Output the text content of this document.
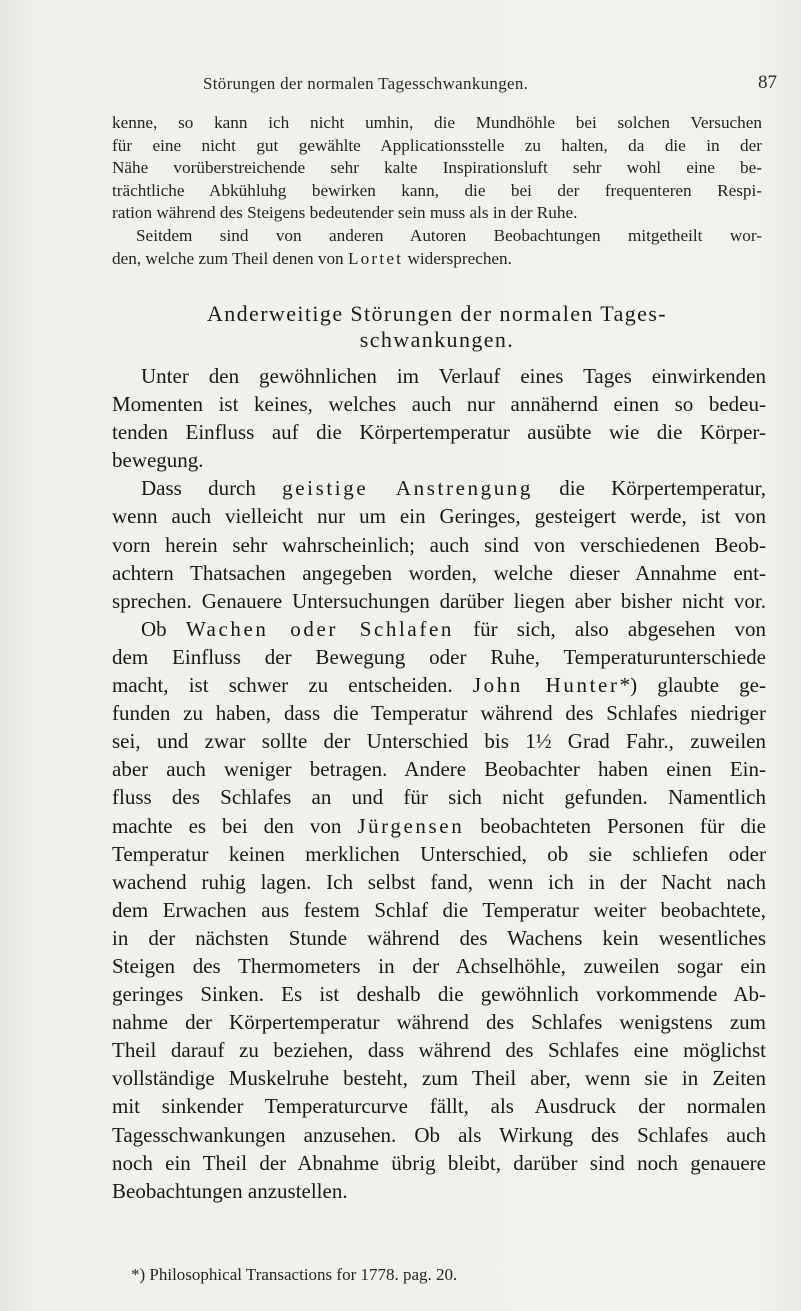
Störungen der normalen Tagesschwankungen.	87
kenne, so kann ich nicht umhin, die Mundhöhle bei solchen Versuchen
für eine nicht gut gewählte Applicationsstelle zu halten, da die in der
Nähe vorüberstreichende sehr kalte Inspirationsluft sehr wohl eine be-
trächtliche Abkühluhg bewirken kann, die bei der frequenteren Respi-
ration während des Steigens bedeutender sein muss als in der Ruhe.
Seitdem sind von anderen Autoren Beobachtungen mitgetheilt wor-
den, welche zum Theil denen von Lortet widersprechen.
Anderweitige Störungen der normalen Tages-
schwankungen.
Unter den gewöhnlichen im Verlauf eines Tages einwirkenden
Momenten ist keines, welches auch nur annähernd einen so bedeu-
tenden Einfluss auf die Körpertemperatur ausübte wie die Körper-
bewegung.
Dass durch geistige Anstrengung die Körpertemperatur,
wenn auch vielleicht nur um ein Geringes, gesteigert werde, ist von
vorn herein sehr wahrscheinlich; auch sind von verschiedenen Beob-
achtern Thatsachen angegeben worden, welche dieser Annahme ent-
sprechen. Genauere Untersuchungen darüber liegen aber bisher nicht vor.
Ob Wachen oder Schlafen für sich, also abgesehen von
dem Einfluss der Bewegung oder Ruhe, Temperaturunterschiede
macht, ist schwer zu entscheiden. John Hunter*) glaubte ge-
funden zu haben, dass die Temperatur während des Schlafes niedriger
sei, und zwar sollte der Unterschied bis 1½ Grad Fahr., zuweilen
aber auch weniger betragen. Andere Beobachter haben einen Ein-
fluss des Schlafes an und für sich nicht gefunden. Namentlich
machte es bei den von Jürgensen beobachteten Personen für die
Temperatur keinen merklichen Unterschied, ob sie schliefen oder
wachend ruhig lagen. Ich selbst fand, wenn ich in der Nacht nach
dem Erwachen aus festem Schlaf die Temperatur weiter beobachtete,
in der nächsten Stunde während des Wachens kein wesentliches
Steigen des Thermometers in der Achselhöhle, zuweilen sogar ein
geringes Sinken. Es ist deshalb die gewöhnlich vorkommende Ab-
nahme der Körpertemperatur während des Schlafes wenigstens zum
Theil darauf zu beziehen, dass während des Schlafes eine möglichst
vollständige Muskelruhe besteht, zum Theil aber, wenn sie in Zeiten
mit sinkender Temperaturcurve fällt, als Ausdruck der normalen
Tagesschwankungen anzusehen. Ob als Wirkung des Schlafes auch
noch ein Theil der Abnahme übrig bleibt, darüber sind noch genauere
Beobachtungen anzustellen.
*) Philosophical Transactions for 1778. pag. 20.
